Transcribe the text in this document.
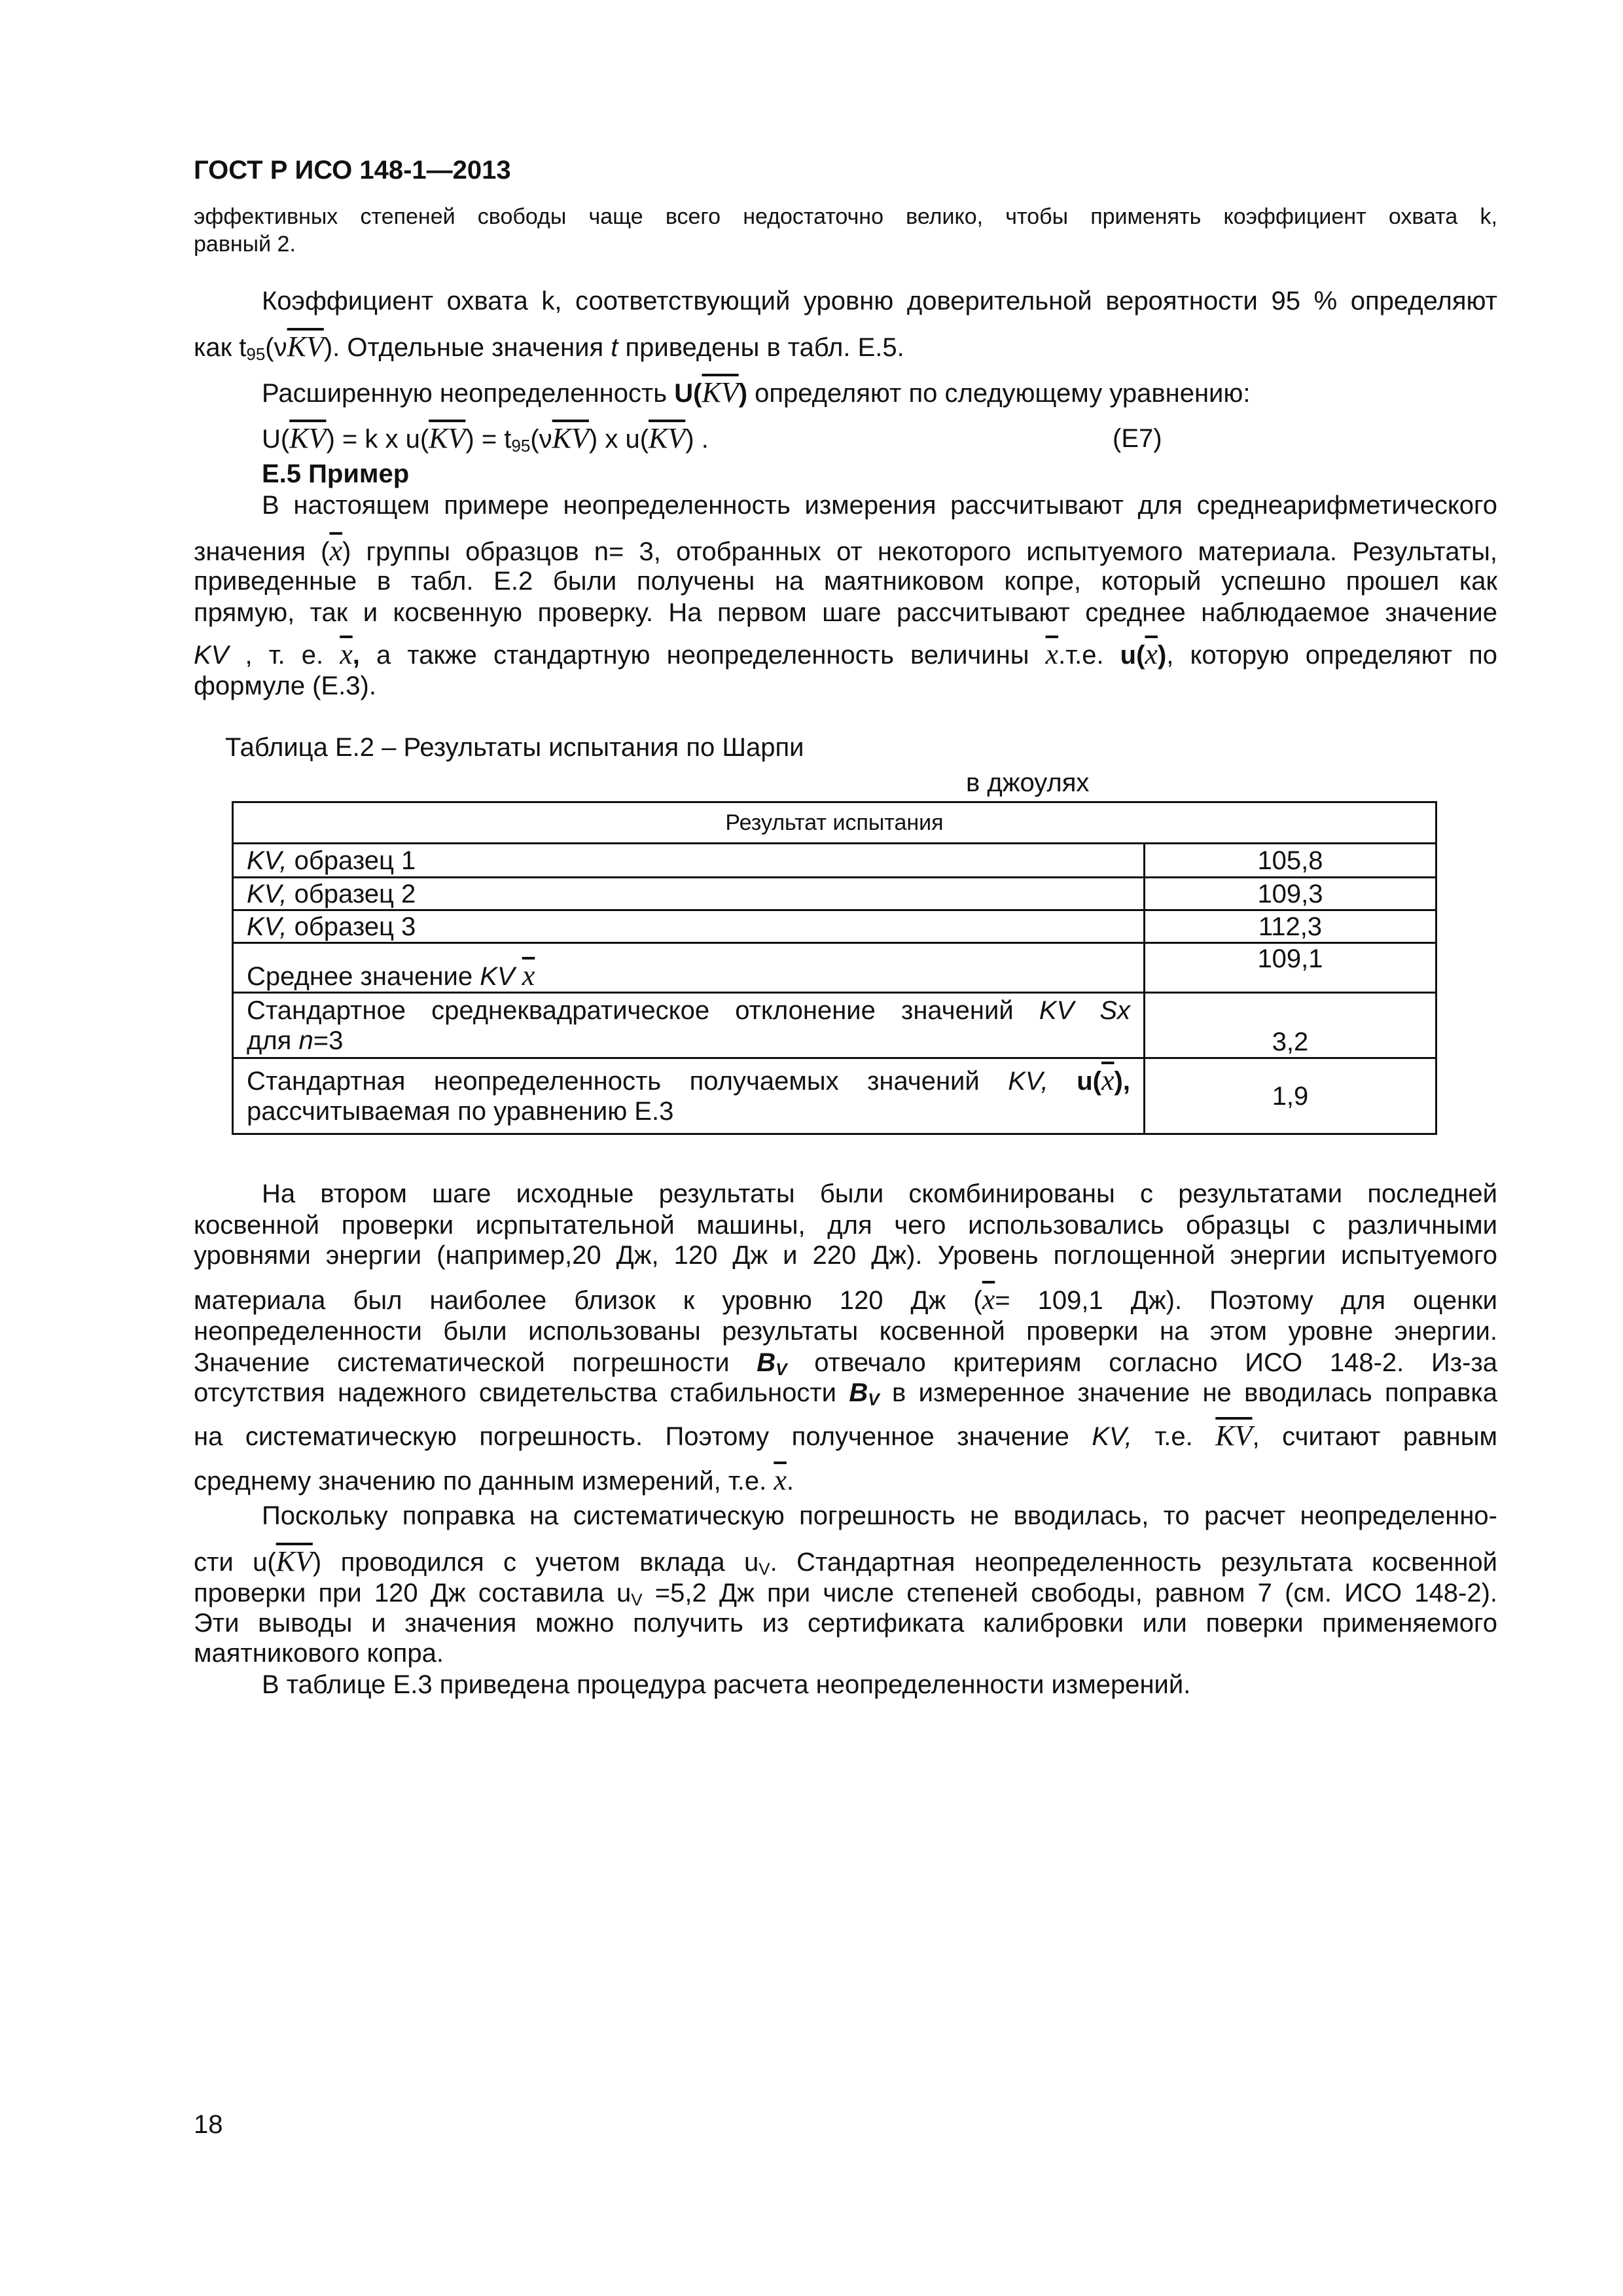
ГОСТ Р ИСО 148-1—2013
эффективных степеней свободы чаще всего недостаточно велико, чтобы применять коэффициент охвата k,
равный 2.
Коэффициент охвата k, соответствующий уровню доверительной вероятности 95 % определяют
как $t_{95}(\nu\overline{KV})$. Отдельные значения t приведены в табл. Е.5.
Расширенную неопределенность $U(\overline{KV})$ определяют по следующему уравнению:
$U(\overline{KV}) = k$ x $u(\overline{KV}) = t_{95}(\nu\overline{KV})$ x $u(\overline{KV})$ .	(E7)
Е.5 Пример
В настоящем примере неопределенность измерения рассчитывают для среднеарифметического
значения $(\overline{x})$ группы образцов n= 3, отобранных от некоторого испытуемого материала. Результаты,
приведенные в табл. Е.2 были получены на маятниковом копре, который успешно прошел как
прямую, так и косвенную проверку. На первом шаге рассчитывают среднее наблюдаемое значение
KV , т. е. $\overline{x}$, а также стандартную неопределенность величины $\overline{x}.т.е$. $u(\overline{x})$, которую определяют по
формуле (Е.3).
Таблица Е.2 – Результаты испытания по Шарпи
в джоулях
Результат испытания	
KV, образец 1	105,8
KV, образец 2	109,3
KV, образец 3	112,3
Среднее значение KV $\overline{x}$	109,1

Стандартное среднеквадратическое отклонение значений KV Sx
для n=3	3,2

Стандартная неопределенность получаемых значений KV, $u(\overline{x})$,
рассчитываемая по уравнению Е.3	1,9
На втором шаге исходные результаты были скомбинированы с результатами последней
косвенной проверки исрпытательной машины, для чего использовались образцы с различными
уровнями энергии (например,20 Дж, 120 Дж и 220 Дж). Уровень поглощенной энергии испытуемого
материала был наиболее близок к уровню 120 Дж ($\overline{x}= 109,1$ Дж). Поэтому для оценки
неопределенности были использованы результаты косвенной проверки на этом уровне энергии.
Значение систематической погрешности $B_V$ отвечало критериям согласно ИСО 148-2. Из-за
отсутствия надежного свидетельства стабильности $B_V$ в измеренное значение не вводилась поправка
на систематическую погрешность. Поэтому полученное значение KV, т.е. $\overline{KV}$, считают равным
среднему значению по данным измерений, т.е. $\overline{x}$.
Поскольку поправка на систематическую погрешность не вводилась, то расчет неопределенно-
сти $u(\overline{KV})$ проводился с учетом вклада $u_V$. Стандартная неопределенность результата косвенной
проверки при 120 Дж составила $u_V =5,2$ Дж при числе степеней свободы, равном 7 (см. ИСО 148-2).
Эти выводы и значения можно получить из сертификата калибровки или поверки применяемого
маятникового копра.
В таблице Е.3 приведена процедура расчета неопределенности измерений.
18
